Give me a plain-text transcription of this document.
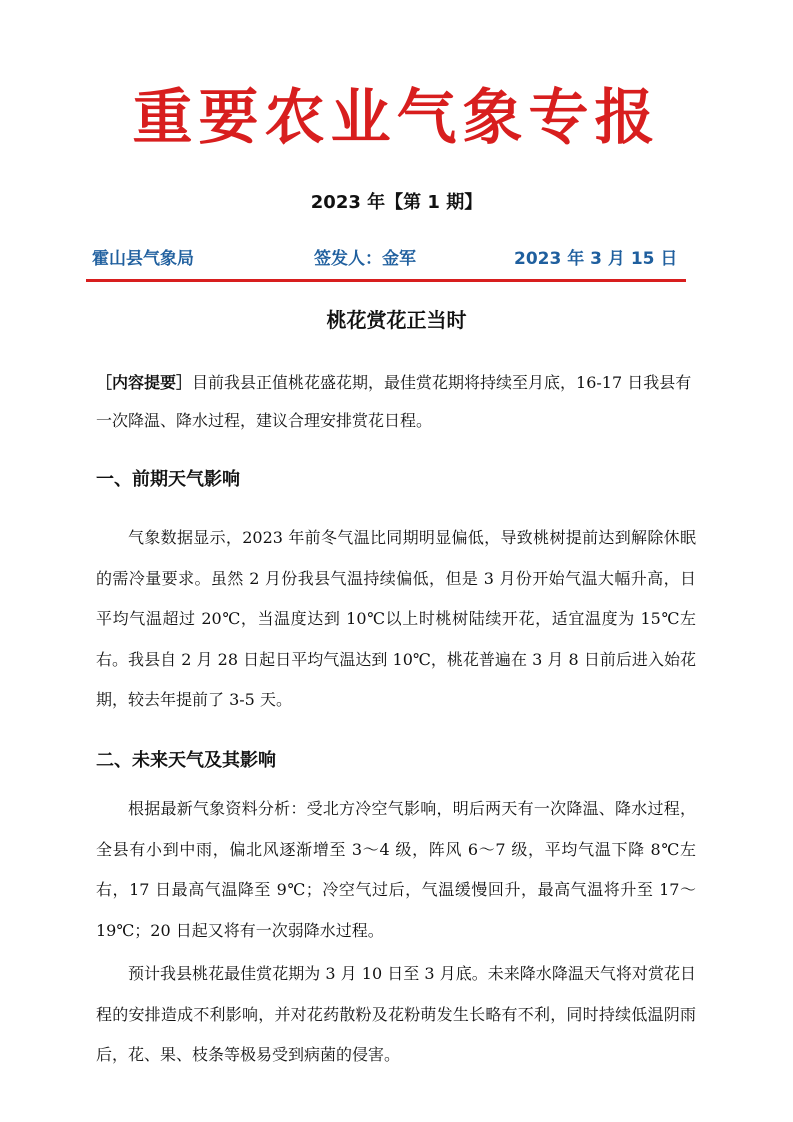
重要农业气象专报
2023 年【第 1 期】
霍山县气象局	签发人：金军	2023 年 3 月 15 日
桃花赏花正当时
［内容提要］目前我县正值桃花盛花期，最佳赏花期将持续至月底，16-17 日我县有一次降温、降水过程，建议合理安排赏花日程。
一、前期天气影响
气象数据显示，2023 年前冬气温比同期明显偏低，导致桃树提前达到解除休眠的需冷量要求。虽然 2 月份我县气温持续偏低，但是 3 月份开始气温大幅升高，日平均气温超过 20℃，当温度达到 10℃以上时桃树陆续开花，适宜温度为 15℃左右。我县自 2 月 28 日起日平均气温达到 10℃，桃花普遍在 3 月 8 日前后进入始花期，较去年提前了 3-5 天。
二、未来天气及其影响
根据最新气象资料分析：受北方冷空气影响，明后两天有一次降温、降水过程，全县有小到中雨，偏北风逐渐增至 3～4 级，阵风 6～7 级，平均气温下降 8℃左右，17 日最高气温降至 9℃；冷空气过后，气温缓慢回升，最高气温将升至 17～19℃；20 日起又将有一次弱降水过程。
预计我县桃花最佳赏花期为 3 月 10 日至 3 月底。未来降水降温天气将对赏花日程的安排造成不利影响，并对花药散粉及花粉萌发生长略有不利，同时持续低温阴雨后，花、果、枝条等极易受到病菌的侵害。
